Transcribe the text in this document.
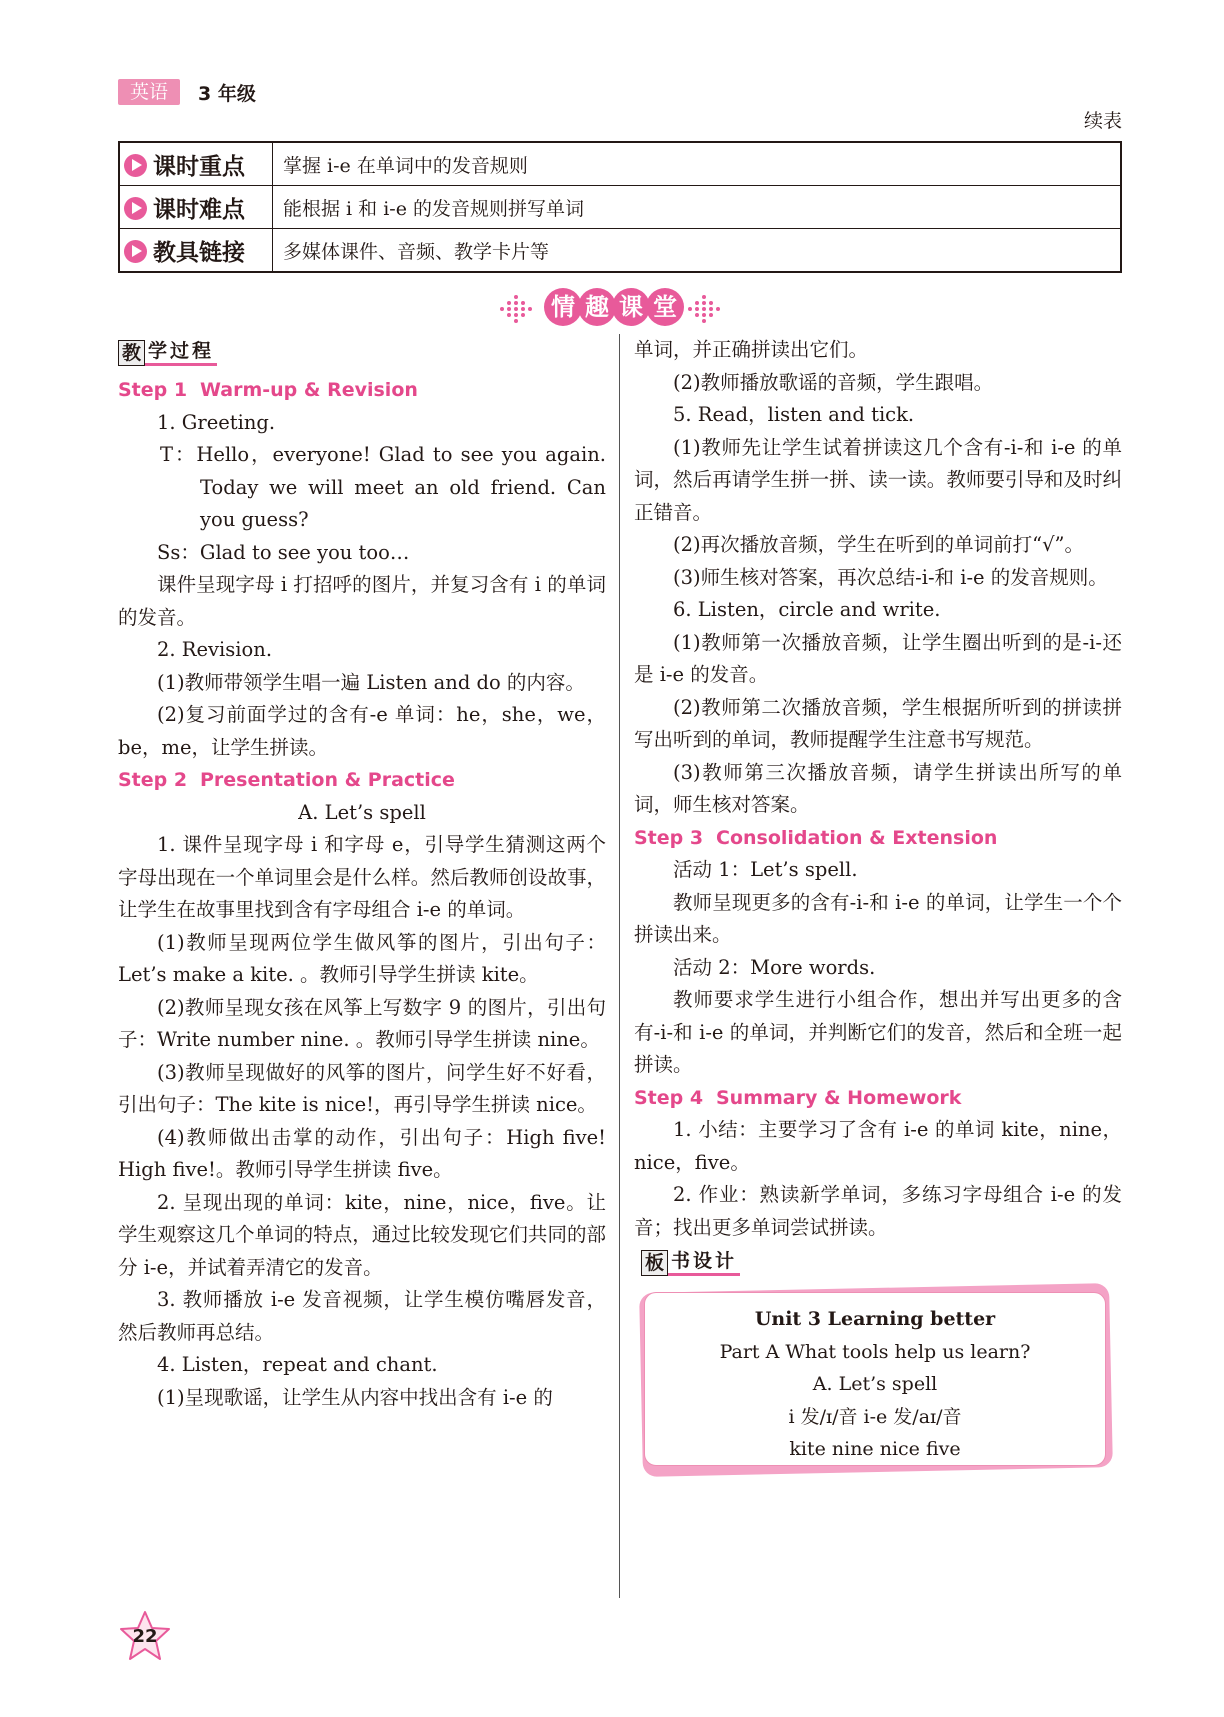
英语	3 年级
续表
课时重点	掌握 i-e 在单词中的发音规则
课时难点	能根据 i 和 i-e 的发音规则拼写单词
教具链接	多媒体课件、音频、教学卡片等
情 趣 课 堂
教 学过程

Step 1 Warm-up & Revision

1. Greeting.

T：Hello，everyone! Glad to see you again. Today we will meet an old friend. Can you guess?

Ss：Glad to see you too…

课件呈现字母 i 打招呼的图片，并复习含有 i 的单词的发音。

2. Revision.

(1)教师带领学生唱一遍 Listen and do 的内容。

(2)复习前面学过的含有-e 单词：he，she，we，be，me，让学生拼读。

Step 2 Presentation & Practice

A. Let’s spell

1. 课件呈现字母 i 和字母 e，引导学生猜测这两个字母出现在一个单词里会是什么样。然后教师创设故事，让学生在故事里找到含有字母组合 i-e 的单词。

(1)教师呈现两位学生做风筝的图片，引出句子：Let’s make a kite. 。教师引导学生拼读 kite。

(2)教师呈现女孩在风筝上写数字 9 的图片，引出句子：Write number nine. 。教师引导学生拼读 nine。

(3)教师呈现做好的风筝的图片，问学生好不好看，引出句子：The kite is nice!，再引导学生拼读 nice。

(4)教师做出击掌的动作，引出句子：High five! High five!。教师引导学生拼读 five。

2. 呈现出现的单词：kite，nine，nice，five。让学生观察这几个单词的特点，通过比较发现它们共同的部分 i-e，并试着弄清它的发音。

3. 教师播放 i-e 发音视频，让学生模仿嘴唇发音，然后教师再总结。

4. Listen，repeat and chant.

(1)呈现歌谣，让学生从内容中找出含有 i-e 的

单词，并正确拼读出它们。

(2)教师播放歌谣的音频，学生跟唱。

5. Read，listen and tick.

(1)教师先让学生试着拼读这几个含有-i-和 i-e 的单词，然后再请学生拼一拼、读一读。教师要引导和及时纠正错音。

(2)再次播放音频，学生在听到的单词前打“√”。

(3)师生核对答案，再次总结-i-和 i-e 的发音规则。

6. Listen，circle and write.

(1)教师第一次播放音频，让学生圈出听到的是-i-还是 i-e 的发音。

(2)教师第二次播放音频，学生根据所听到的拼读拼写出听到的单词，教师提醒学生注意书写规范。

(3)教师第三次播放音频，请学生拼读出所写的单词，师生核对答案。

Step 3 Consolidation & Extension

活动 1：Let’s spell.

教师呈现更多的含有-i-和 i-e 的单词，让学生一个个拼读出来。

活动 2：More words.

教师要求学生进行小组合作，想出并写出更多的含有-i-和 i-e 的单词，并判断它们的发音，然后和全班一起拼读。

Step 4 Summary & Homework

1. 小结：主要学习了含有 i-e 的单词 kite，nine，nice，five。

2. 作业：熟读新学单词，多练习字母组合 i-e 的发音；找出更多单词尝试拼读。

板 书设计
Unit 3 Learning better
Part A What tools help us learn?
A. Let’s spell
i 发/ɪ/音 i-e 发/aɪ/音
kite nine nice five
22
